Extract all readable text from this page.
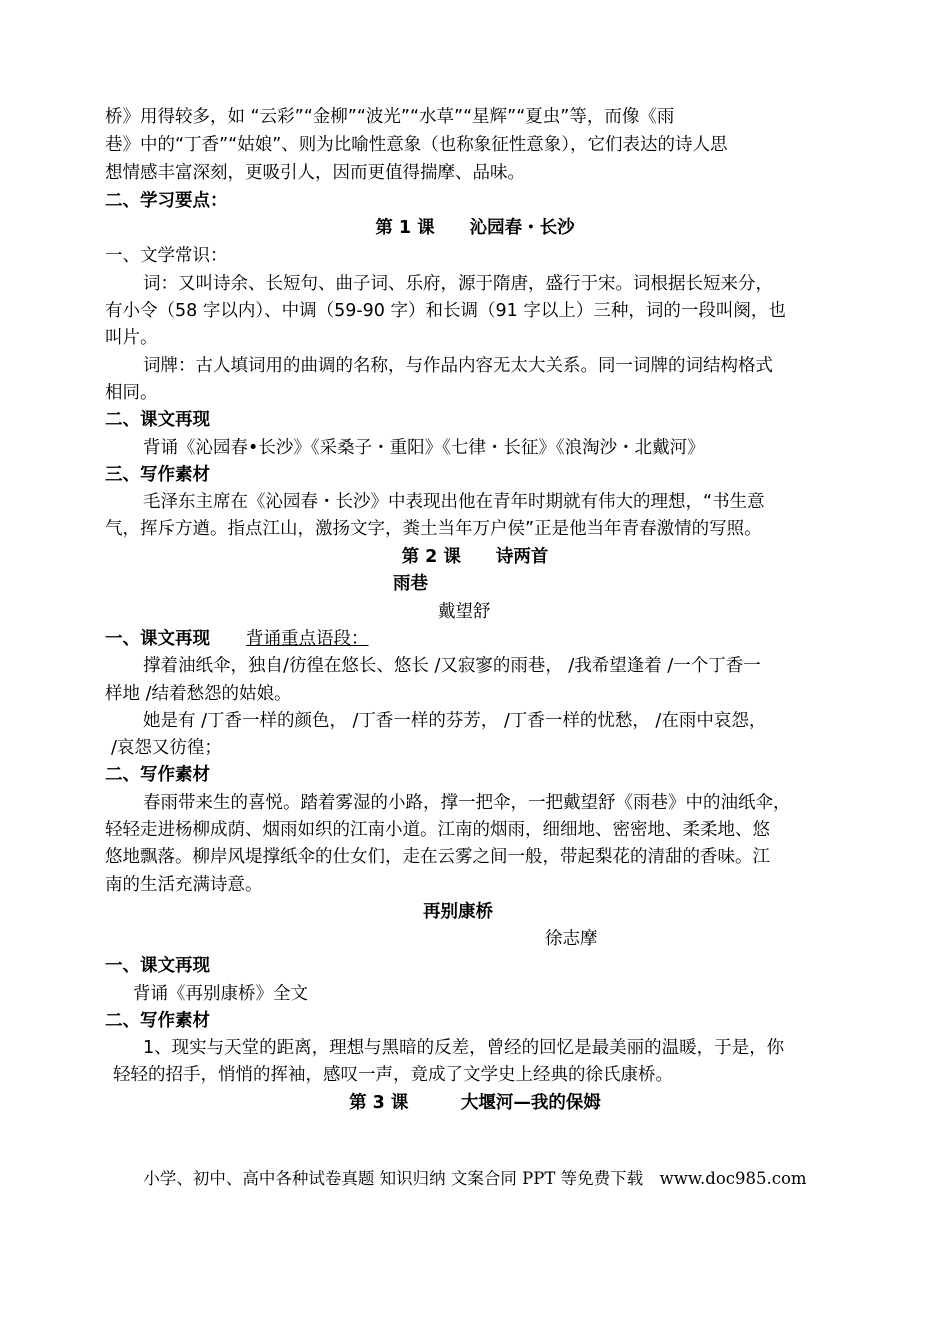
桥》用得较多，如 “云彩”“金柳”“波光”“水草”“星辉”“夏虫”等，而像《雨
巷》中的“丁香”“姑娘”、则为比喻性意象（也称象征性意象），它们表达的诗人思
想情感丰富深刻，更吸引人，因而更值得揣摩、品味。
二、学习要点：
第 1 课　　沁园春・长沙
一、文学常识：
词：又叫诗余、长短句、曲子词、乐府，源于隋唐，盛行于宋。词根据长短来分，
有小令（58 字以内）、中调（59-90 字）和长调（91 字以上）三种，词的一段叫阕，也
叫片。
词牌：古人填词用的曲调的名称，与作品内容无太大关系。同一词牌的词结构格式
相同。
二、课文再现
背诵《沁园春•长沙》《采桑子・重阳》《七律・长征》《浪淘沙・北戴河》
三、写作素材
毛泽东主席在《沁园春・长沙》中表现出他在青年时期就有伟大的理想，“书生意
气，挥斥方遒。指点江山，激扬文字，粪土当年万户侯”正是他当年青春激情的写照。
第 2 课　　诗两首
雨巷
戴望舒
一、课文再现	背诵重点语段：
撑着油纸伞，独自/彷徨在悠长、悠长 /又寂寥的雨巷， /我希望逢着 /一个丁香一
样地 /结着愁怨的姑娘。
她是有 /丁香一样的颜色， /丁香一样的芬芳， /丁香一样的忧愁， /在雨中哀怨，
/哀怨又彷徨；
二、写作素材
春雨带来生的喜悦。踏着雾湿的小路，撑一把伞，一把戴望舒《雨巷》中的油纸伞，
轻轻走进杨柳成荫、烟雨如织的江南小道。江南的烟雨，细细地、密密地、柔柔地、悠
悠地飘落。柳岸风堤撑纸伞的仕女们，走在云雾之间一般，带起梨花的清甜的香味。江
南的生活充满诗意。
再别康桥
徐志摩
一、课文再现
背诵《再别康桥》全文
二、写作素材
1、现实与天堂的距离，理想与黑暗的反差，曾经的回忆是最美丽的温暖，于是，你
轻轻的招手，悄悄的挥袖，感叹一声，竟成了文学史上经典的徐氏康桥。
第 3 课　　　大堰河—我的保姆
小学、初中、高中各种试卷真题 知识归纳 文案合同 PPT 等免费下载　www.doc985.com
